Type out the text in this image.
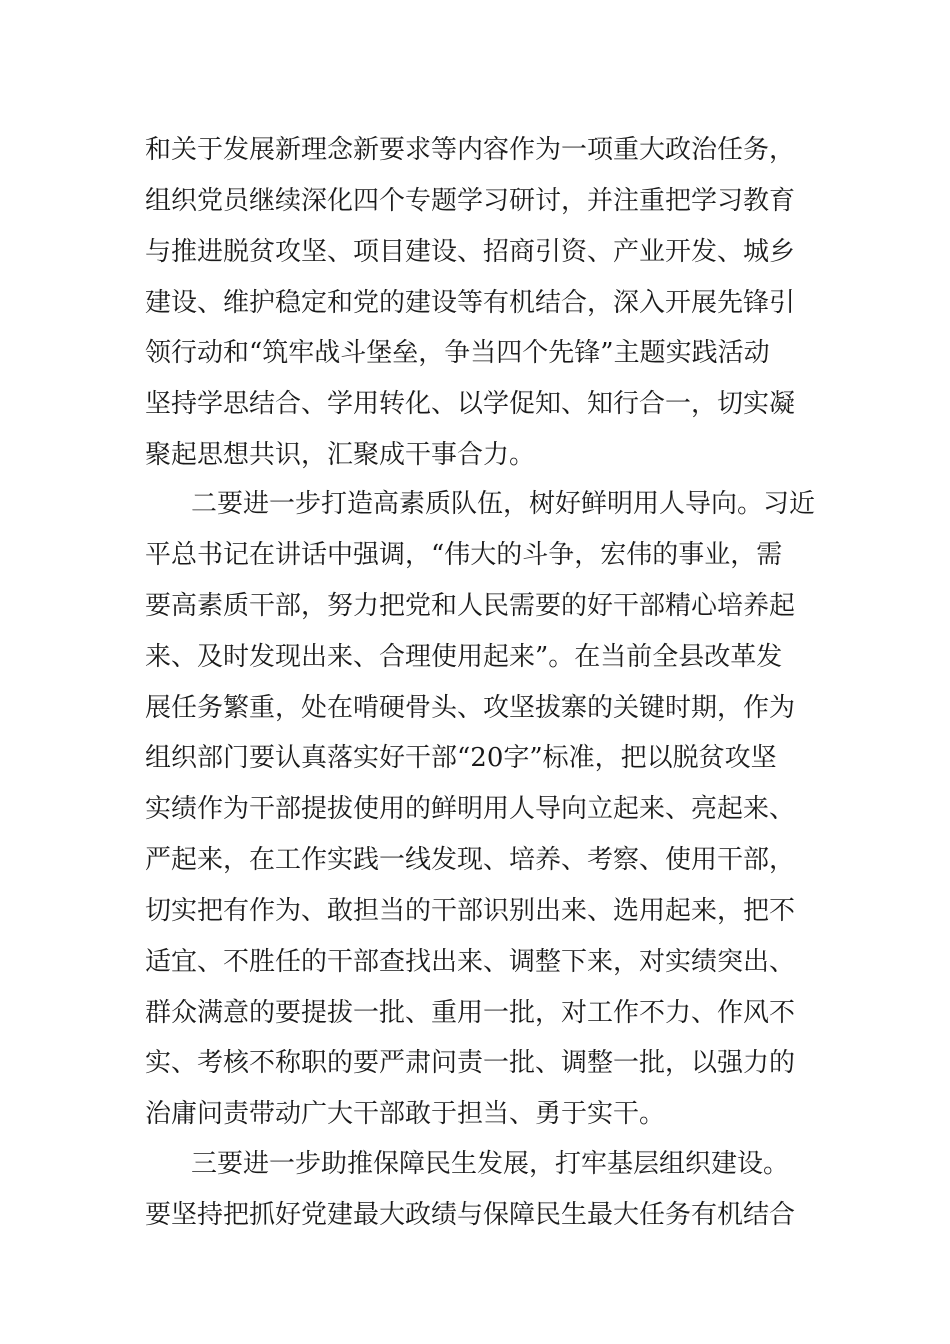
和关于发展新理念新要求等内容作为一项重大政治任务，
组织党员继续深化四个专题学习研讨，并注重把学习教育
与推进脱贫攻坚、项目建设、招商引资、产业开发、城乡
建设、维护稳定和党的建设等有机结合，深入开展先锋引
领行动和“筑牢战斗堡垒，争当四个先锋”主题实践活动
坚持学思结合、学用转化、以学促知、知行合一，切实凝
聚起思想共识，汇聚成干事合力。
二要进一步打造高素质队伍，树好鲜明用人导向。习近
平总书记在讲话中强调，“伟大的斗争，宏伟的事业，需
要高素质干部，努力把党和人民需要的好干部精心培养起
来、及时发现出来、合理使用起来”。在当前全县改革发
展任务繁重，处在啃硬骨头、攻坚拔寨的关键时期，作为
组织部门要认真落实好干部“20字”标准，把以脱贫攻坚
实绩作为干部提拔使用的鲜明用人导向立起来、亮起来、
严起来，在工作实践一线发现、培养、考察、使用干部，
切实把有作为、敢担当的干部识别出来、选用起来，把不
适宜、不胜任的干部查找出来、调整下来，对实绩突出、
群众满意的要提拔一批、重用一批，对工作不力、作风不
实、考核不称职的要严肃问责一批、调整一批，以强力的
治庸问责带动广大干部敢于担当、勇于实干。
三要进一步助推保障民生发展，打牢基层组织建设。
要坚持把抓好党建最大政绩与保障民生最大任务有机结合
